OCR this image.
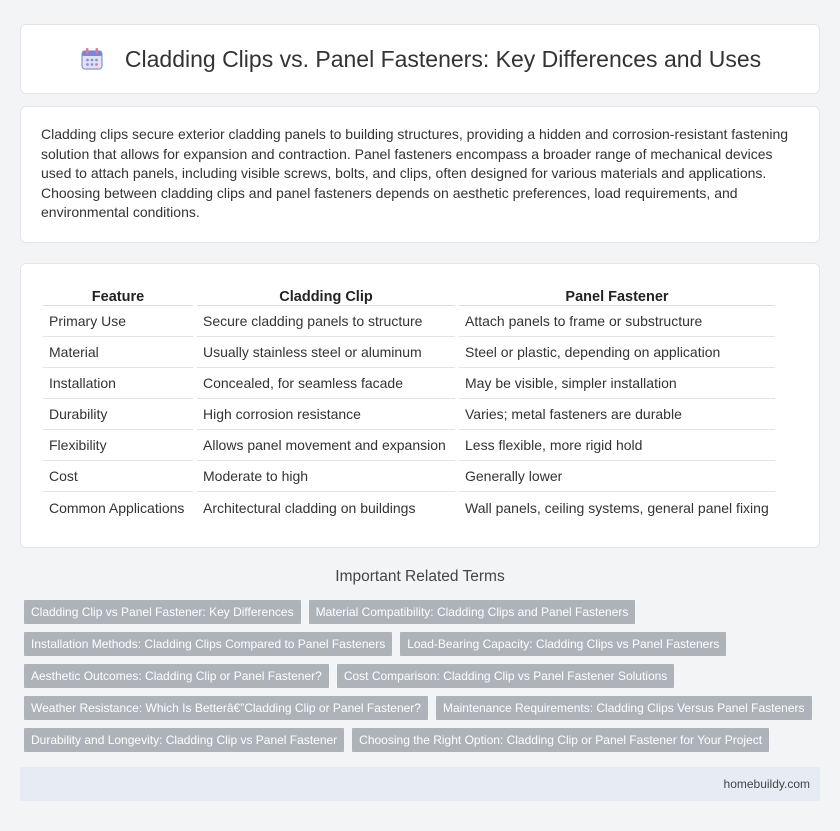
Cladding Clips vs. Panel Fasteners: Key Differences and Uses

Cladding clips secure exterior cladding panels to building structures, providing a hidden and corrosion-resistant fastening solution that allows for expansion and contraction. Panel fasteners encompass a broader range of mechanical devices used to attach panels, including visible screws, bolts, and clips, often designed for various materials and applications. Choosing between cladding clips and panel fasteners depends on aesthetic preferences, load requirements, and environmental conditions.

Feature	Cladding Clip	Panel Fastener
Primary Use	Secure cladding panels to structure	Attach panels to frame or substructure
Material	Usually stainless steel or aluminum	Steel or plastic, depending on application
Installation	Concealed, for seamless facade	May be visible, simpler installation
Durability	High corrosion resistance	Varies; metal fasteners are durable
Flexibility	Allows panel movement and expansion	Less flexible, more rigid hold
Cost	Moderate to high	Generally lower
Common Applications	Architectural cladding on buildings	Wall panels, ceiling systems, general panel fixing
Important Related Terms
Cladding Clip vs Panel Fastener: Key Differences Material Compatibility: Cladding Clips and Panel Fasteners
Installation Methods: Cladding Clips Compared to Panel Fasteners Load-Bearing Capacity: Cladding Clips vs Panel Fasteners
Aesthetic Outcomes: Cladding Clip or Panel Fastener? Cost Comparison: Cladding Clip vs Panel Fastener Solutions
Weather Resistance: Which Is Betterâ€”Cladding Clip or Panel Fastener? Maintenance Requirements: Cladding Clips Versus Panel Fasteners
Durability and Longevity: Cladding Clip vs Panel Fastener Choosing the Right Option: Cladding Clip or Panel Fastener for Your Project
homebuildy.com
